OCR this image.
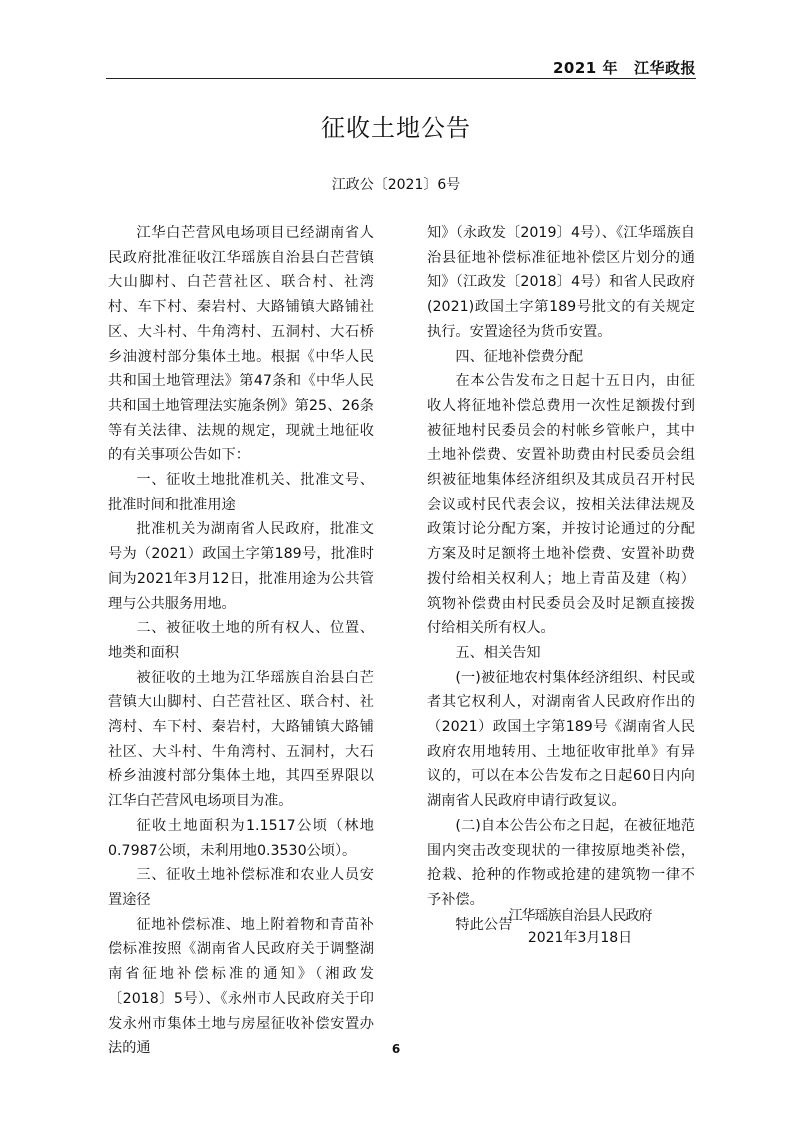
2021 年 江华政报
征收土地公告
江政公〔2021〕6号

江华白芒营风电场项目已经湖南省人民政府批准征收江华瑶族自治县白芒营镇大山脚村、白芒营社区、联合村、社湾村、车下村、秦岩村、大路铺镇大路铺社区、大斗村、牛角湾村、五洞村、大石桥乡油渡村部分集体土地。根据《中华人民共和国土地管理法》第47条和《中华人民共和国土地管理法实施条例》第25、26条等有关法律、法规的规定，现就土地征收的有关事项公告如下：

一、征收土地批准机关、批准文号、批准时间和批准用途

批准机关为湖南省人民政府，批准文号为（2021）政国土字第189号，批准时间为2021年3月12日，批准用途为公共管理与公共服务用地。

二、被征收土地的所有权人、位置、地类和面积

被征收的土地为江华瑶族自治县白芒营镇大山脚村、白芒营社区、联合村、社湾村、车下村、秦岩村，大路铺镇大路铺社区、大斗村、牛角湾村、五洞村，大石桥乡油渡村部分集体土地，其四至界限以江华白芒营风电场项目为准。

征收土地面积为1.1517公顷（林地0.7987公顷，未利用地0.3530公顷）。

三、征收土地补偿标准和农业人员安置途径

征地补偿标准、地上附着物和青苗补偿标准按照《湖南省人民政府关于调整湖南省征地补偿标准的通知》（湘政发〔2018〕5号）、《永州市人民政府关于印发永州市集体土地与房屋征收补偿安置办法的通

知》（永政发〔2019〕4号）、《江华瑶族自治县征地补偿标准征地补偿区片划分的通知》（江政发〔2018〕4号）和省人民政府(2021)政国土字第189号批文的有关规定执行。安置途径为货币安置。

四、征地补偿费分配

在本公告发布之日起十五日内，由征收人将征地补偿总费用一次性足额拨付到被征地村民委员会的村帐乡管帐户，其中土地补偿费、安置补助费由村民委员会组织被征地集体经济组织及其成员召开村民会议或村民代表会议，按相关法律法规及政策讨论分配方案，并按讨论通过的分配方案及时足额将土地补偿费、安置补助费拨付给相关权利人；地上青苗及建（构）筑物补偿费由村民委员会及时足额直接拨付给相关所有权人。

五、相关告知

(一)被征地农村集体经济组织、村民或者其它权利人，对湖南省人民政府作出的（2021）政国土字第189号《湖南省人民政府农用地转用、土地征收审批单》有异议的，可以在本公告发布之日起60日内向湖南省人民政府申请行政复议。

(二)自本公告公布之日起，在被征地范围内突击改变现状的一律按原地类补偿，抢栽、抢种的作物或抢建的建筑物一律不予补偿。

特此公告

江华瑶族自治县人民政府
2021年3月18日
6
